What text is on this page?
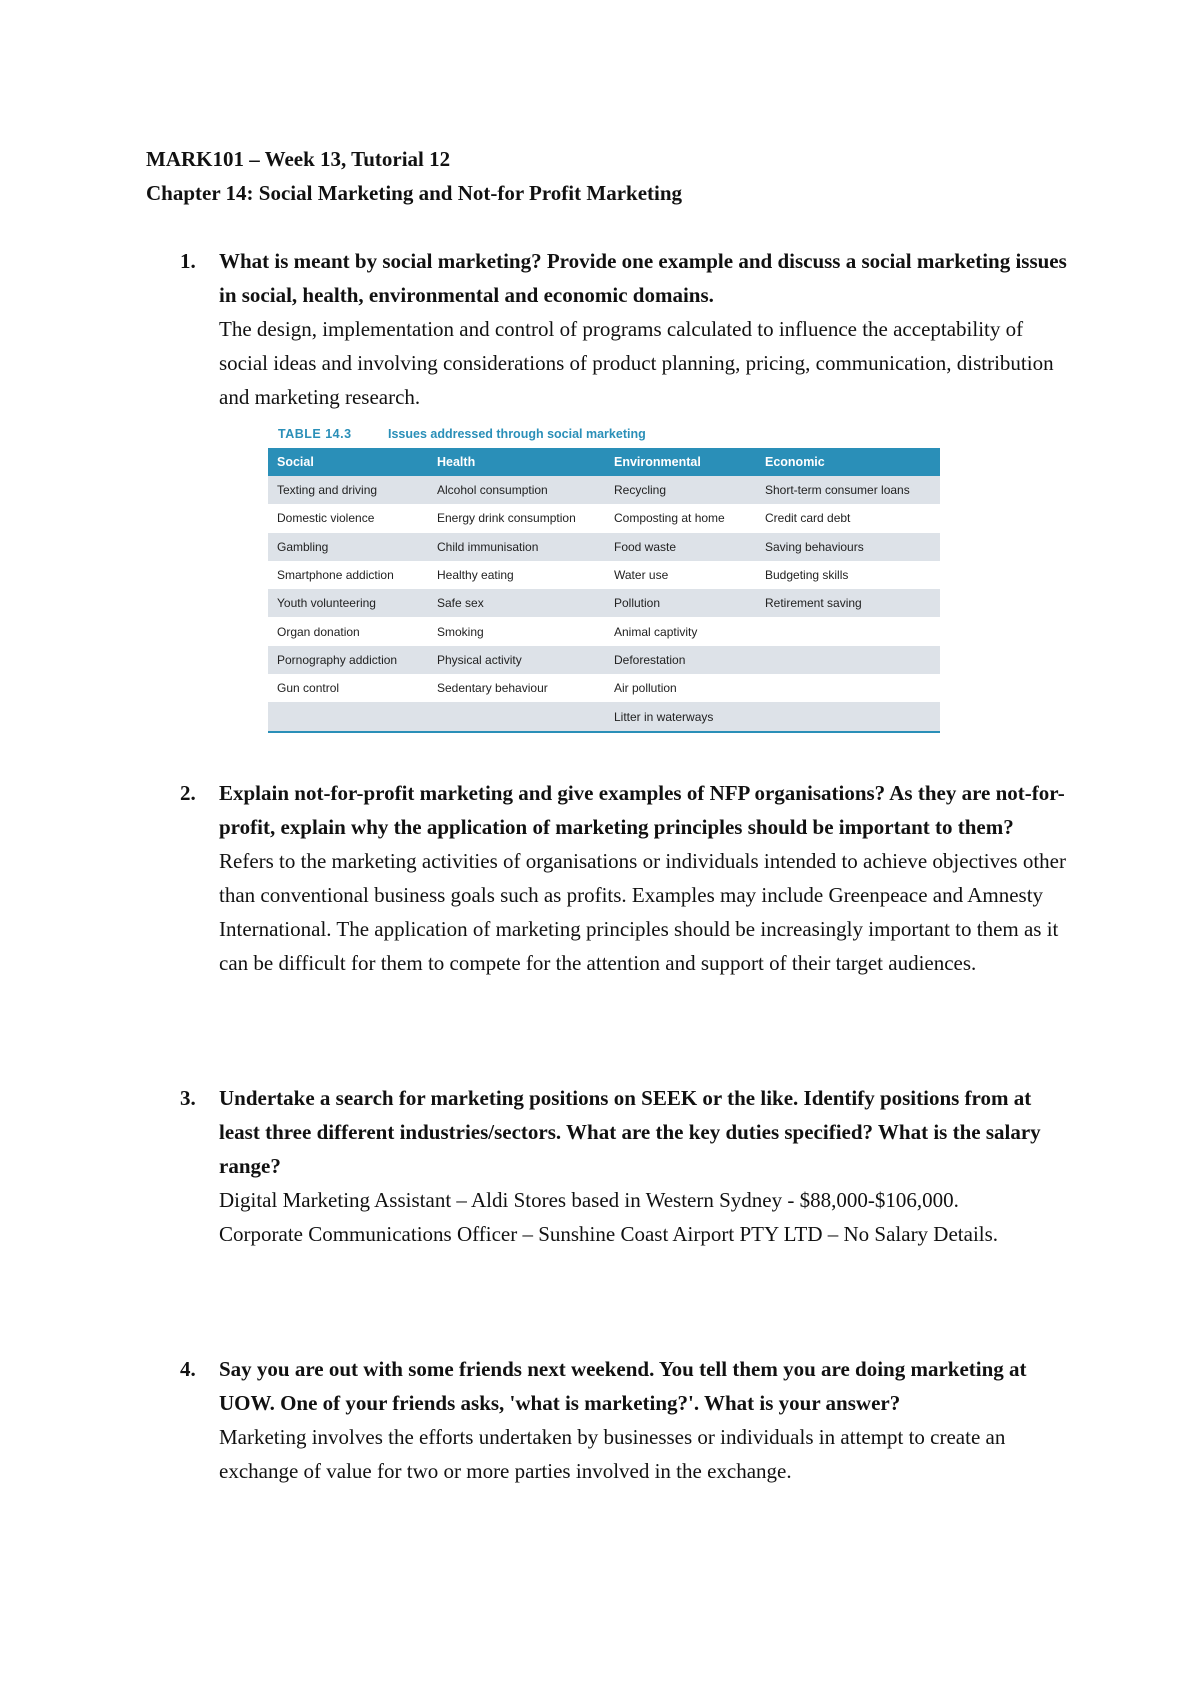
MARK101 – Week 13, Tutorial 12
Chapter 14: Social Marketing and Not-for Profit Marketing
1. What is meant by social marketing? Provide one example and discuss a social marketing issues in social, health, environmental and economic domains.

The design, implementation and control of programs calculated to influence the acceptability of social ideas and involving considerations of product planning, pricing, communication, distribution and marketing research.

TABLE 14.3	Issues addressed through social marketing
Social	Health	Environmental	Economic
Texting and driving	Alcohol consumption	Recycling	Short-term consumer loans
Domestic violence	Energy drink consumption	Composting at home	Credit card debt
Gambling	Child immunisation	Food waste	Saving behaviours
Smartphone addiction	Healthy eating	Water use	Budgeting skills
Youth volunteering	Safe sex	Pollution	Retirement saving
Organ donation	Smoking	Animal captivity	
Pornography addiction	Physical activity	Deforestation	
Gun control	Sedentary behaviour	Air pollution	
		Litter in waterways	
2. Explain not-for-profit marketing and give examples of NFP organisations? As they are not-for-profit, explain why the application of marketing principles should be important to them?

Refers to the marketing activities of organisations or individuals intended to achieve objectives other than conventional business goals such as profits. Examples may include Greenpeace and Amnesty International. The application of marketing principles should be increasingly important to them as it can be difficult for them to compete for the attention and support of their target audiences.

3. Undertake a search for marketing positions on SEEK or the like. Identify positions from at least three different industries/sectors. What are the key duties specified? What is the salary range?

Digital Marketing Assistant – Aldi Stores based in Western Sydney - $88,000-$106,000.

Corporate Communications Officer – Sunshine Coast Airport PTY LTD – No Salary Details.

4. Say you are out with some friends next weekend. You tell them you are doing marketing at UOW. One of your friends asks, 'what is marketing?'. What is your answer?

Marketing involves the efforts undertaken by businesses or individuals in attempt to create an exchange of value for two or more parties involved in the exchange.
